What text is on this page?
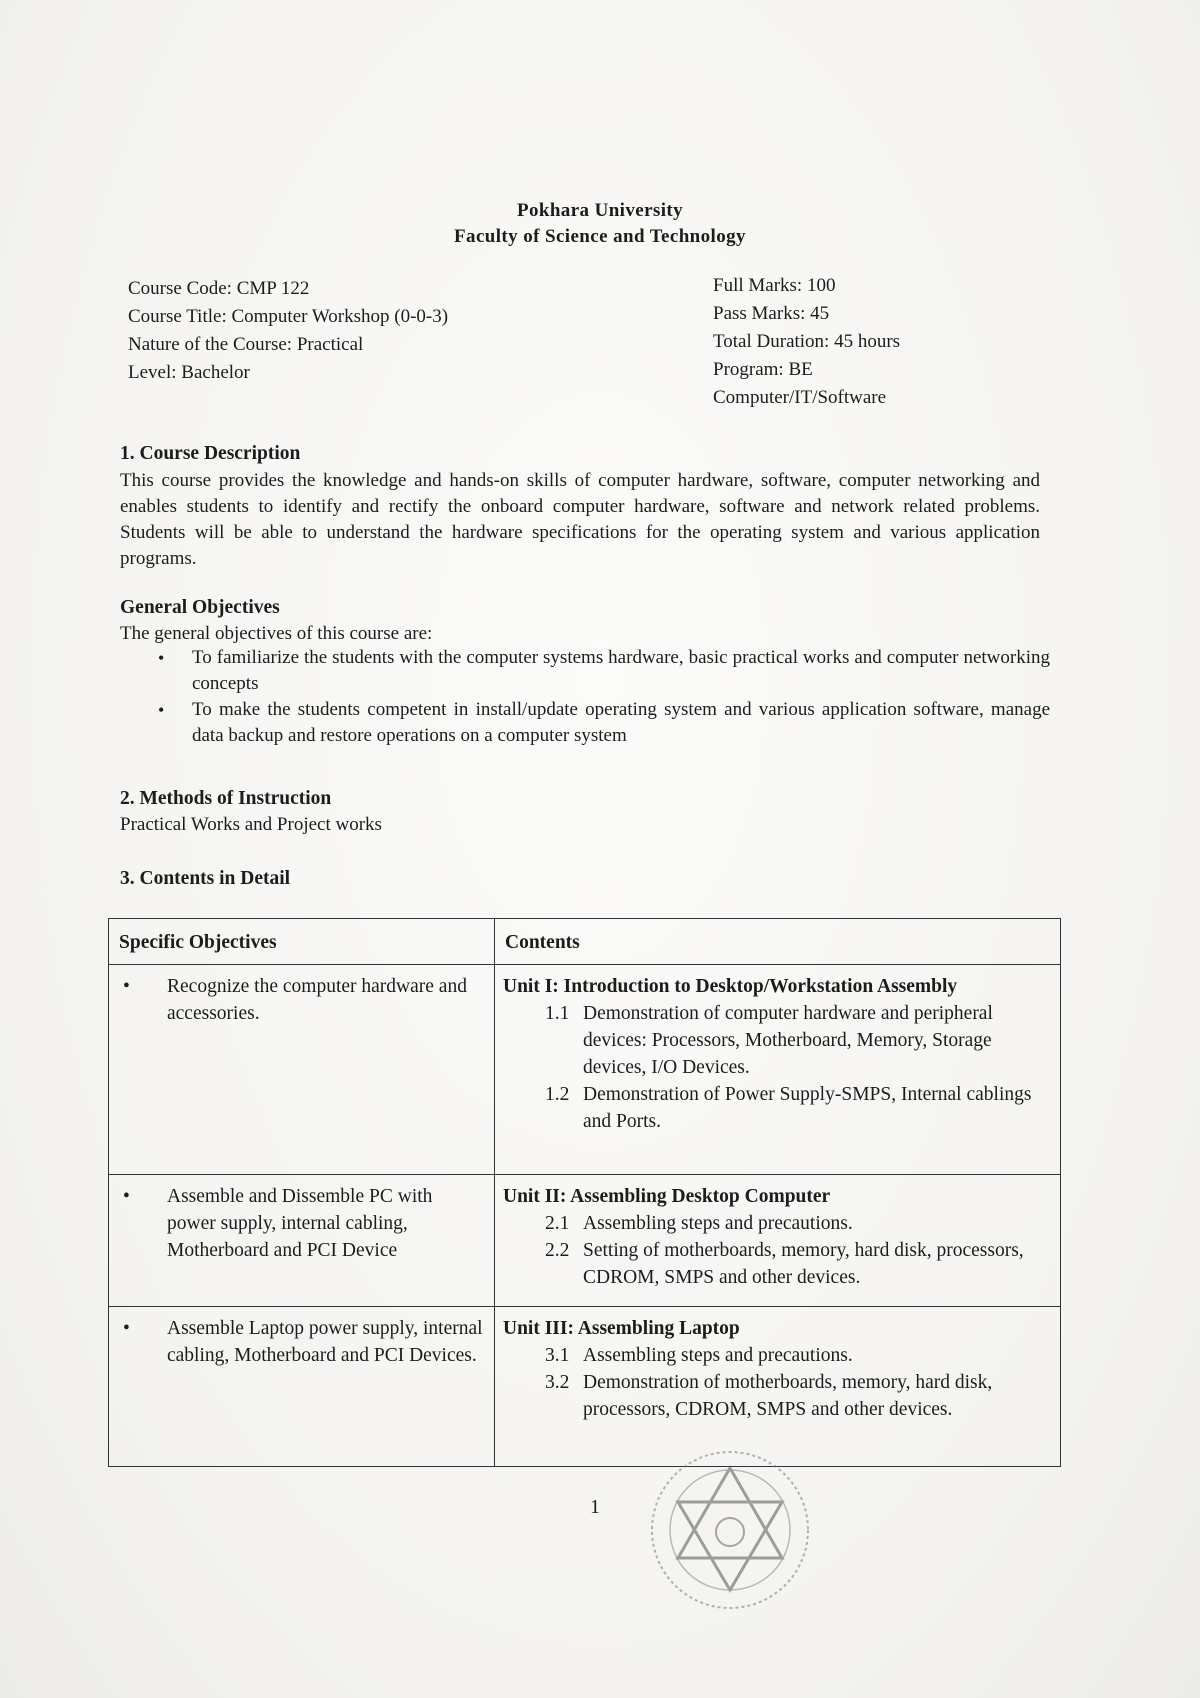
Pokhara University
Faculty of Science and Technology
Course Code: CMP 122
Course Title: Computer Workshop (0-0-3)
Nature of the Course: Practical
Level: Bachelor
Full Marks: 100
Pass Marks: 45
Total Duration: 45 hours
Program: BE Computer/IT/Software
1. Course Description
This course provides the knowledge and hands-on skills of computer hardware, software, computer networking and enables students to identify and rectify the onboard computer hardware, software and network related problems. Students will be able to understand the hardware specifications for the operating system and various application programs.
General Objectives
The general objectives of this course are:
• To familiarize the students with the computer systems hardware, basic practical works and computer networking concepts
• To make the students competent in install/update operating system and various application software, manage data backup and restore operations on a computer system
2. Methods of Instruction
Practical Works and Project works
3. Contents in Detail
Specific Objectives	Contents

• Recognize the computer hardware and accessories.	Unit I: Introduction to Desktop/Workstation Assembly
1.1 Demonstration of computer hardware and peripheral devices: Processors, Motherboard, Memory, Storage devices, I/O Devices.
1.2 Demonstration of Power Supply-SMPS, Internal cablings and Ports.

• Assemble and Dissemble PC with power supply, internal cabling, Motherboard and PCI Device	Unit II: Assembling Desktop Computer
2.1 Assembling steps and precautions.
2.2 Setting of motherboards, memory, hard disk, processors, CDROM, SMPS and other devices.

• Assemble Laptop power supply, internal cabling, Motherboard and PCI Devices.	Unit III: Assembling Laptop
3.1 Assembling steps and precautions.
3.2 Demonstration of motherboards, memory, hard disk, processors, CDROM, SMPS and other devices.
1
